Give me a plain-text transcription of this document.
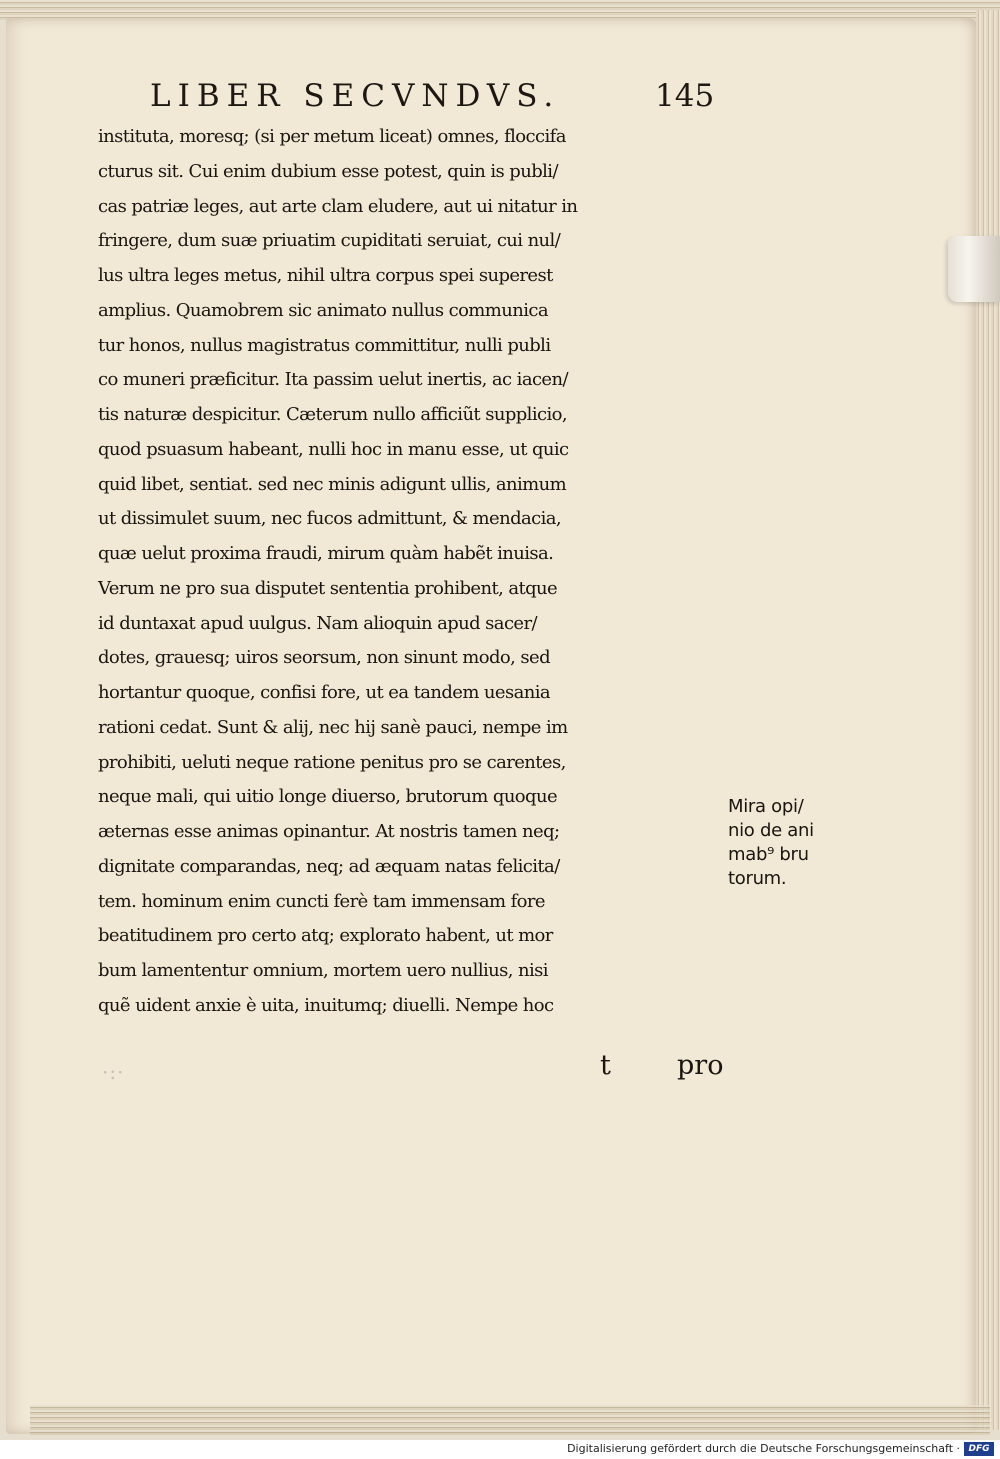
LIBER SECVNDVS.	145
instituta, moresq; (si per metum liceat) omnes, floccifa
cturus sit. Cui enim dubium esse potest, quin is publi/
cas patriæ leges, aut arte clam eludere, aut ui nitatur in
fringere, dum suæ priuatim cupiditati seruiat, cui nul/
lus ultra leges metus, nihil ultra corpus spei superest
amplius. Quamobrem sic animato nullus communica
tur honos, nullus magistratus committitur, nulli publi
co muneri præficitur. Ita passim uelut inertis, ac iacen/
tis naturæ despicitur. Cæterum nullo afficiũt supplicio,
quod psuasum habeant, nulli hoc in manu esse, ut quic
quid libet, sentiat. sed nec minis adigunt ullis, animum
ut dissimulet suum, nec fucos admittunt, & mendacia,
quæ uelut proxima fraudi, mirum quàm habẽt inuisa.
Verum ne pro sua disputet sententia prohibent, atque
id duntaxat apud uulgus. Nam alioquin apud sacer/
dotes, grauesq; uiros seorsum, non sinunt modo, sed
hortantur quoque, confisi fore, ut ea tandem uesania
rationi cedat. Sunt & alij, nec hij sanè pauci, nempe im
prohibiti, ueluti neque ratione penitus pro se carentes,
neque mali, qui uitio longe diuerso, brutorum quoque
æternas esse animas opinantur. At nostris tamen neq;
dignitate comparandas, neq; ad æquam natas felicita/
tem. hominum enim cuncti ferè tam immensam fore
beatitudinem pro certo atq; explorato habent, ut mor
bum lamententur omnium, mortem uero nullius, nisi
quẽ uident anxie è uita, inuitumq; diuelli. Nempe hoc
Mira opi/
nio de ani
mab⁹ bru
torum.
·:·	t pro
Digitalisierung gefördert durch die Deutsche Forschungsgemeinschaft · DFG
